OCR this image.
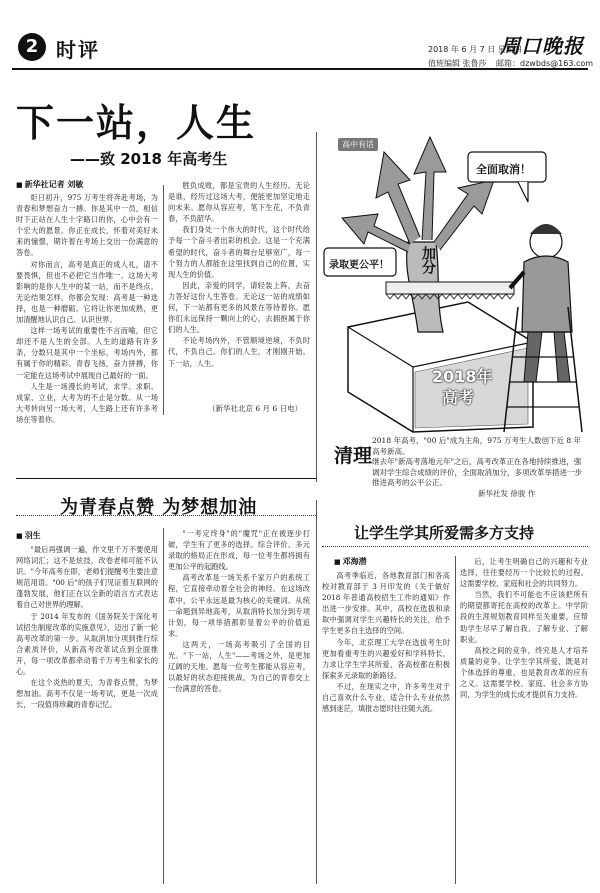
2 时评	2018 年 6 月 7 日 星期四
值班编辑 张鲁莎 邮箱：dzwbds@163.com
周口晚报
下一站，人生
——致 2018 年高考生
■ 新华社记者 刘敏

炬日初升，975 万考生将奔赴考场，为青春和梦想奋力一搏。你是其中一员，相信时下正站在人生十字路口的你，心中会有一个宏大的愿景。你正在成长，怀着对美好未来的憧憬，期许着在考场上交出一份满意的答卷。

对你而言，高考是真正的成人礼，请不要畏惧，但也不必把它当作唯一。这场大考影响的是你人生中的某一站，而不是终点。无论结果怎样，你都会发现：高考是一种选择，也是一种磨砺。它将让你更加成熟，更加清醒地认识自己、认识世界。

这样一场考试的重要性不言而喻，但它却还不是人生的全部。人生的道路有许多条，分数只是其中一个坐标，考场内外，都有属于你的精彩。青春飞扬，奋力拼搏，你一定能在这场考试中展现自己最好的一面。

人生是一场漫长的考试，求学、求职、成家、立业，大考为的不止是分数。从一场大考转向另一场大考，人生路上还有许多考场在等着你。

胜负成败，都是宝贵的人生经历。无论是谁，经历过这场大考，便能更加坚定地走向未来。愿你从容应考，笔下生花，不负青春，不负韶华。

我们身处一个伟大的时代，这个时代给予每一个奋斗者出彩的机会。这是一个充满希望的时代，奋斗者的舞台足够宽广，每一个努力的人都能在这里找到自己的位置，实现人生的价值。

因此，亲爱的同学，请轻装上阵，去奋力答好这份人生答卷。无论这一站的成绩如何，下一站都有更多的风景在等待着你。愿你们永远保持一颗向上的心，去拥抱属于你们的人生。

不论考场内外，不管顺境逆境，不负时代，不负自己。你们的人生，才刚刚开始。下一站，人生。

（新华社北京 6 月 6 日电）
高中有话
全面取消！
录取更公平！ 加分
2018年
高考
2018 年高考，"00 后"成为主角，975 万考生人数创下近 8 年高考新高。
清理 继去年"新高考落地元年"之后，高考改革正在各地持续推进，强调对学生综合成绩的评价，全面取消加分，多项改革举措进一步推进高考的公平公正。
新华社发 徐骏 作
为青春点赞 为梦想加油
■ 羽生

"最后再强调一遍，作文里千万不要使用网络词汇；这不是炫技，改卷老师可能不认识。"今年高考在即，老师们提醒考生要注意规范用语。"00 后"的孩子们见证着互联网的蓬勃发展，他们正在以全新的语言方式表达着自己对世界的理解。

于 2014 年发布的《国务院关于深化考试招生制度改革的实施意见》，迈出了新一轮高考改革的第一步。从取消加分项到推行综合素质评价，从新高考改革试点到全面推开，每一项改革都牵动着千万考生和家长的心。

在这个炎热的夏天，为青春点赞，为梦想加油。高考不仅是一场考试，更是一次成长，一段值得珍藏的青春记忆。

"一考定终身"的"魔咒"正在被逐步打破，学生有了更多的选择。综合评价、多元录取的格局正在形成，每一位考生都将拥有更加公平的起跑线。

高考改革是一场关系千家万户的系统工程，它直接牵动着全社会的神经。在这场改革中，公平永远是最为核心的关键词。从统一命题到异地高考，从取消特长加分到专项计划，每一项举措都彰显着公平的价值追求。

这两天，一场高考吸引了全国的目光。"下一站，人生"——考场之外，是更加辽阔的天地。愿每一位考生都能从容应考，以最好的状态迎接挑战，为自己的青春交上一份满意的答卷。

让学生学其所爱需多方支持
■ 邓海潜

高考季临近，各地教育部门和各高校对教育部于 3 月印发的《关于做好 2018 年普通高校招生工作的通知》作出进一步安排。其中，高校在选拔和录取中强调对学生兴趣特长的关注，给予学生更多自主选择的空间。

今年，北京理工大学在选拔考生时更加看重考生的兴趣爱好和学科特长，力求让学生学其所爱，各高校都在积极探索多元录取的新路径。

不过，在现实之中，许多考生对于自己喜欢什么专业、适合什么专业依然感到迷茫，填报志愿时往往随大流。

后，让考生明确自己的兴趣和专业选择，往往要经历一个比较长的过程。这需要学校、家庭和社会的共同努力。

当然，我们不可能也不应该把所有的期望都寄托在高校的改革上。中学阶段的生涯规划教育同样至关重要，应帮助学生尽早了解自我、了解专业、了解职业。

高校之间的竞争，终究是人才培养质量的竞争。让学生学其所爱，既是对个体选择的尊重，也是教育改革的应有之义。这需要学校、家庭、社会多方协同，为学生的成长成才提供有力支持。
